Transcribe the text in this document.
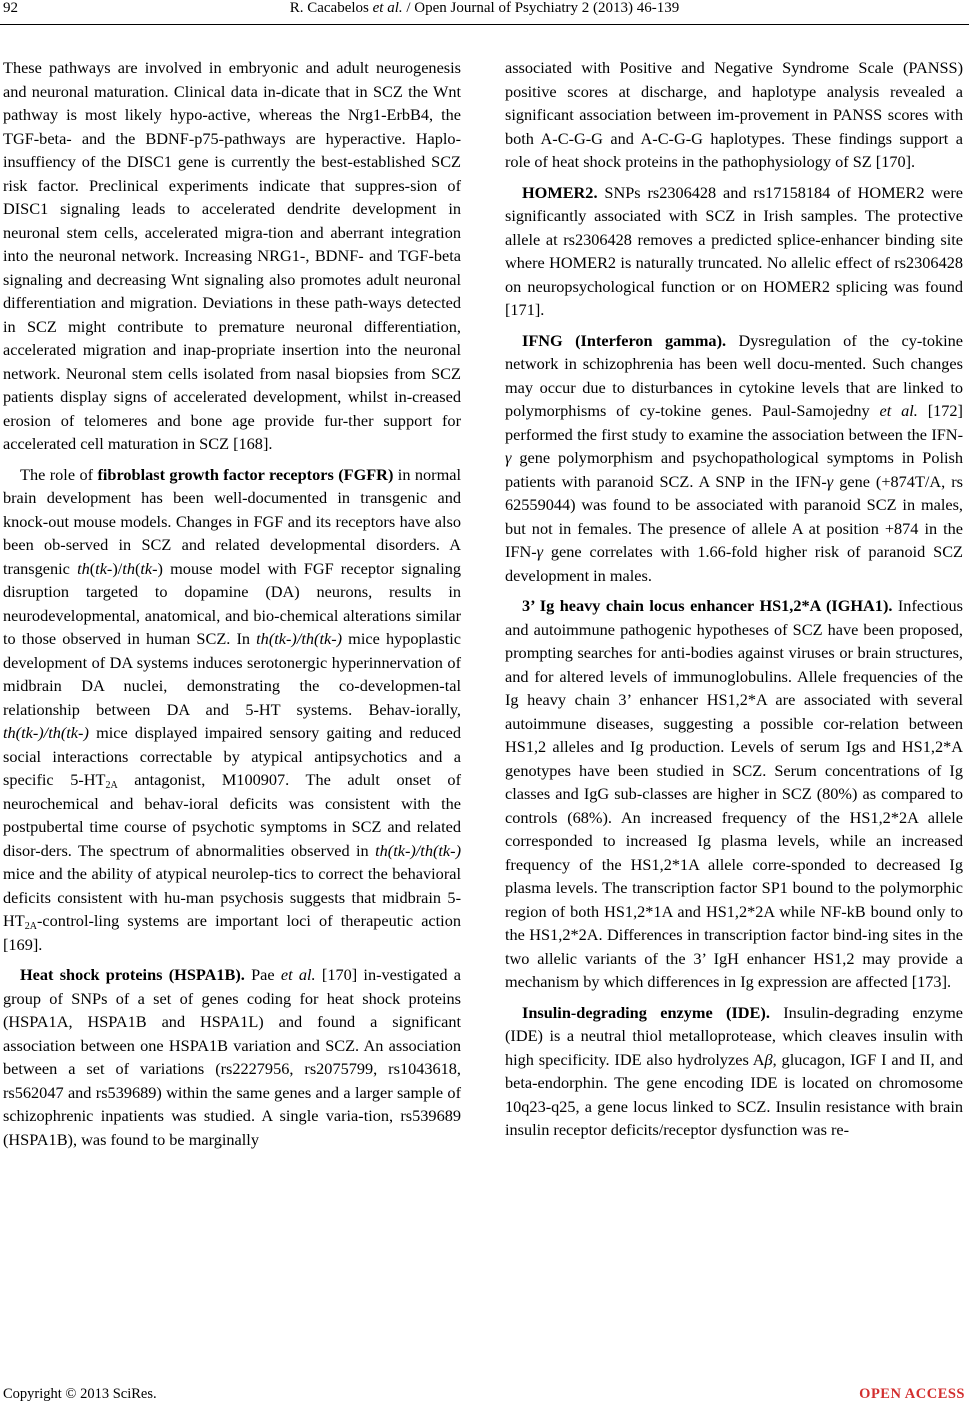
92	R. Cacabelos et al. / Open Journal of Psychiatry 2 (2013) 46-139

These pathways are involved in embryonic and adult neurogenesis and neuronal maturation. Clinical data in-dicate that in SCZ the Wnt pathway is most likely hypo-active, whereas the Nrg1-ErbB4, the TGF-beta- and the BDNF-p75-pathways are hyperactive. Haplo-insuffiency of the DISC1 gene is currently the best-established SCZ risk factor. Preclinical experiments indicate that suppres-sion of DISC1 signaling leads to accelerated dendrite development in neuronal stem cells, accelerated migra-tion and aberrant integration into the neuronal network. Increasing NRG1-, BDNF- and TGF-beta signaling and decreasing Wnt signaling also promotes adult neuronal differentiation and migration. Deviations in these path-ways detected in SCZ might contribute to premature neuronal differentiation, accelerated migration and inap-propriate insertion into the neuronal network. Neuronal stem cells isolated from nasal biopsies from SCZ patients display signs of accelerated development, whilst in-creased erosion of telomeres and bone age provide fur-ther support for accelerated cell maturation in SCZ [168].

The role of fibroblast growth factor receptors (FGFR) in normal brain development has been well-documented in transgenic and knock-out mouse models. Changes in FGF and its receptors have also been ob-served in SCZ and related developmental disorders. A transgenic th(tk-)/th(tk-) mouse model with FGF receptor signaling disruption targeted to dopamine (DA) neurons, results in neurodevelopmental, anatomical, and bio-chemical alterations similar to those observed in human SCZ. In th(tk-)/th(tk-) mice hypoplastic development of DA systems induces serotonergic hyperinnervation of midbrain DA nuclei, demonstrating the co-developmen-tal relationship between DA and 5-HT systems. Behav-iorally, th(tk-)/th(tk-) mice displayed impaired sensory gaiting and reduced social interactions correctable by atypical antipsychotics and a specific $5-HT_{2A}$ antagonist, M100907. The adult onset of neurochemical and behav-ioral deficits was consistent with the postpubertal time course of psychotic symptoms in SCZ and related disor-ders. The spectrum of abnormalities observed in th(tk-)/th(tk-) mice and the ability of atypical neurolep-tics to correct the behavioral deficits consistent with hu-man psychosis suggests that midbrain $5-HT_{2A}-control$-ling systems are important loci of therapeutic action [169].

Heat shock proteins (HSPA1B). Pae et al. [170] in-vestigated a group of SNPs of a set of genes coding for heat shock proteins (HSPA1A, HSPA1B and HSPA1L) and found a significant association between one HSPA1B variation and SCZ. An association between a set of variations (rs2227956, rs2075799, rs1043618, rs562047 and rs539689) within the same genes and a larger sample of schizophrenic inpatients was studied. A single varia-tion, rs539689 (HSPA1B), was found to be marginally

associated with Positive and Negative Syndrome Scale (PANSS) positive scores at discharge, and haplotype analysis revealed a significant association between im-provement in PANSS scores with both A-C-G-G and A-C-G-G haplotypes. These findings support a role of heat shock proteins in the pathophysiology of SZ [170].

HOMER2. SNPs rs2306428 and rs17158184 of HOMER2 were significantly associated with SCZ in Irish samples. The protective allele at rs2306428 removes a predicted splice-enhancer binding site where HOMER2 is naturally truncated. No allelic effect of rs2306428 on neuropsychological function or on HOMER2 splicing was found [171].

IFNG (Interferon gamma). Dysregulation of the cy-tokine network in schizophrenia has been well docu-mented. Such changes may occur due to disturbances in cytokine levels that are linked to polymorphisms of cy-tokine genes. Paul-Samojedny et al. [172] performed the first study to examine the association between the IFN-γ gene polymorphism and psychopathological symptoms in Polish patients with paranoid SCZ. A SNP in the IFN-γ gene (+874T/A, rs 62559044) was found to be associated with paranoid SCZ in males, but not in females. The presence of allele A at position +874 in the IFN-γ gene correlates with 1.66-fold higher risk of paranoid SCZ development in males.

3’ Ig heavy chain locus enhancer HS1,2*A (IGHA1). Infectious and autoimmune pathogenic hypotheses of SCZ have been proposed, prompting searches for anti-bodies against viruses or brain structures, and for altered levels of immunoglobulins. Allele frequencies of the Ig heavy chain 3’ enhancer HS1,2*A are associated with several autoimmune diseases, suggesting a possible cor-relation between HS1,2 alleles and Ig production. Levels of serum Igs and HS1,2*A genotypes have been studied in SCZ. Serum concentrations of Ig classes and IgG sub-classes are higher in SCZ (80%) as compared to controls (68%). An increased frequency of the HS1,2*2A allele corresponded to increased Ig plasma levels, while an increased frequency of the HS1,2*1A allele corre-sponded to decreased Ig plasma levels. The transcription factor SP1 bound to the polymorphic region of both HS1,2*1A and HS1,2*2A while NF-kB bound only to the HS1,2*2A. Differences in transcription factor bind-ing sites in the two allelic variants of the 3’ IgH enhancer HS1,2 may provide a mechanism by which differences in Ig expression are affected [173].

Insulin-degrading enzyme (IDE). Insulin-degrading enzyme (IDE) is a neutral thiol metalloprotease, which cleaves insulin with high specificity. IDE also hydrolyzes Aβ, glucagon, IGF I and II, and beta-endorphin. The gene encoding IDE is located on chromosome 10q23-q25, a gene locus linked to SCZ. Insulin resistance with brain insulin receptor deficits/receptor dysfunction was re-

Copyright © 2013 SciRes.	OPEN ACCESS
